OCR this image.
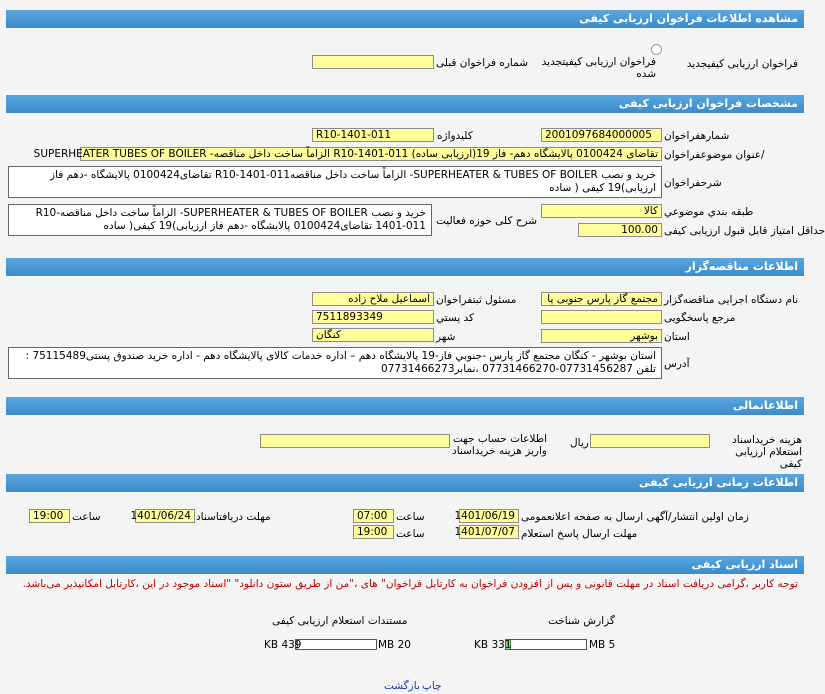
مشاهده اطلاعات فراخوان ارزیابی کیفی
فراخوان ارزیابی کیفیجدید
فراخوان ارزیابی کیفیتجدید شده
شماره فراخوان قبلی
مشخصات فراخوان ارزیابی کیفی
شمارهفراخوان
2001097684000005
کلیدواژه
R10-1401-011
/عنوان موضوعفراخوان
تقاضای 0100424 پالایشگاه دهم- فاز 19(ارزیابی ساده) R10-1401-011 الزاماً ساخت داخل مناقصه- SUPERHEATER TUBES OF BOILER
شرحفراخوان
خرید و نصب SUPERHEATER & TUBES OF BOILER- الزاماً ساخت داخل مناقصهR10-1401-011 تقاضای0100424 پالایشگاه -دهم فاز ارزیابی)19 کیفی ( ساده
طبقه بندي موضوعي
کالا
شرح کلی حوزه فعالیت
خرید و نصب SUPERHEATER & TUBES OF BOILER- الزاماً ساخت داخل مناقصهR10-1401-011 تقاضای0100424 پالایشگاه -دهم فاز ارزیابی)19 کیفی( ساده	حداقل امتیاز قابل قبول ارزیابی کیفی
100.00
اطلاعات مناقصه‌گزار
نام دستگاه اجرایی مناقصه‌گزار
مجتمع گاز پارس جنوبی پا
مسئول ثبتفراخوان
اسماعیل ملاح زاده
مرجع پاسخگویی
کد پستي
7511893349
استان
بوشهر
شهر
کنگان
آدرس
استان بوشهر - کنگان مجتمع گاز پارس -جنوبي فاز-19 پالايشگاه دهم – اداره خدمات کالای پالایشگاه دهم - اداره خرید صندوق پستی75115489 : تلفن 07731456287-07731466270 ،نمابر07731466273
اطلاعاتمالی
هزینه خریداسناد استعلام ارزیابی کیفی
ریال
اطلاعات حساب جهت واریز هزینه خریداسناد
اطلاعات زمانی ارزیابی کیفی
زمان اولین انتشار/آگهی ارسال به صفحه اعلانعمومی
1401/06/19
ساعت
07:00
مهلت دریافتاسناد
1401/06/24
ساعت
19:00
مهلت ارسال پاسخ استعلام
1401/07/07
ساعت
19:00
اسناد ارزیابی کیفی
توجه کاربر ،گرامی دریافت اسناد در مهلت قانونی و پس از افزودن فراخوان به کارتابل فراخوان" های ،"من از طریق ستون دانلود" "اسناد موجود در این ،کارتابل امکانپذیر می‌باشد.
گزارش شناخت
5 MB
331 KB
مستندات استعلام ارزیابی کیفی
20 MB
439 KB
بازگشت چاپ
